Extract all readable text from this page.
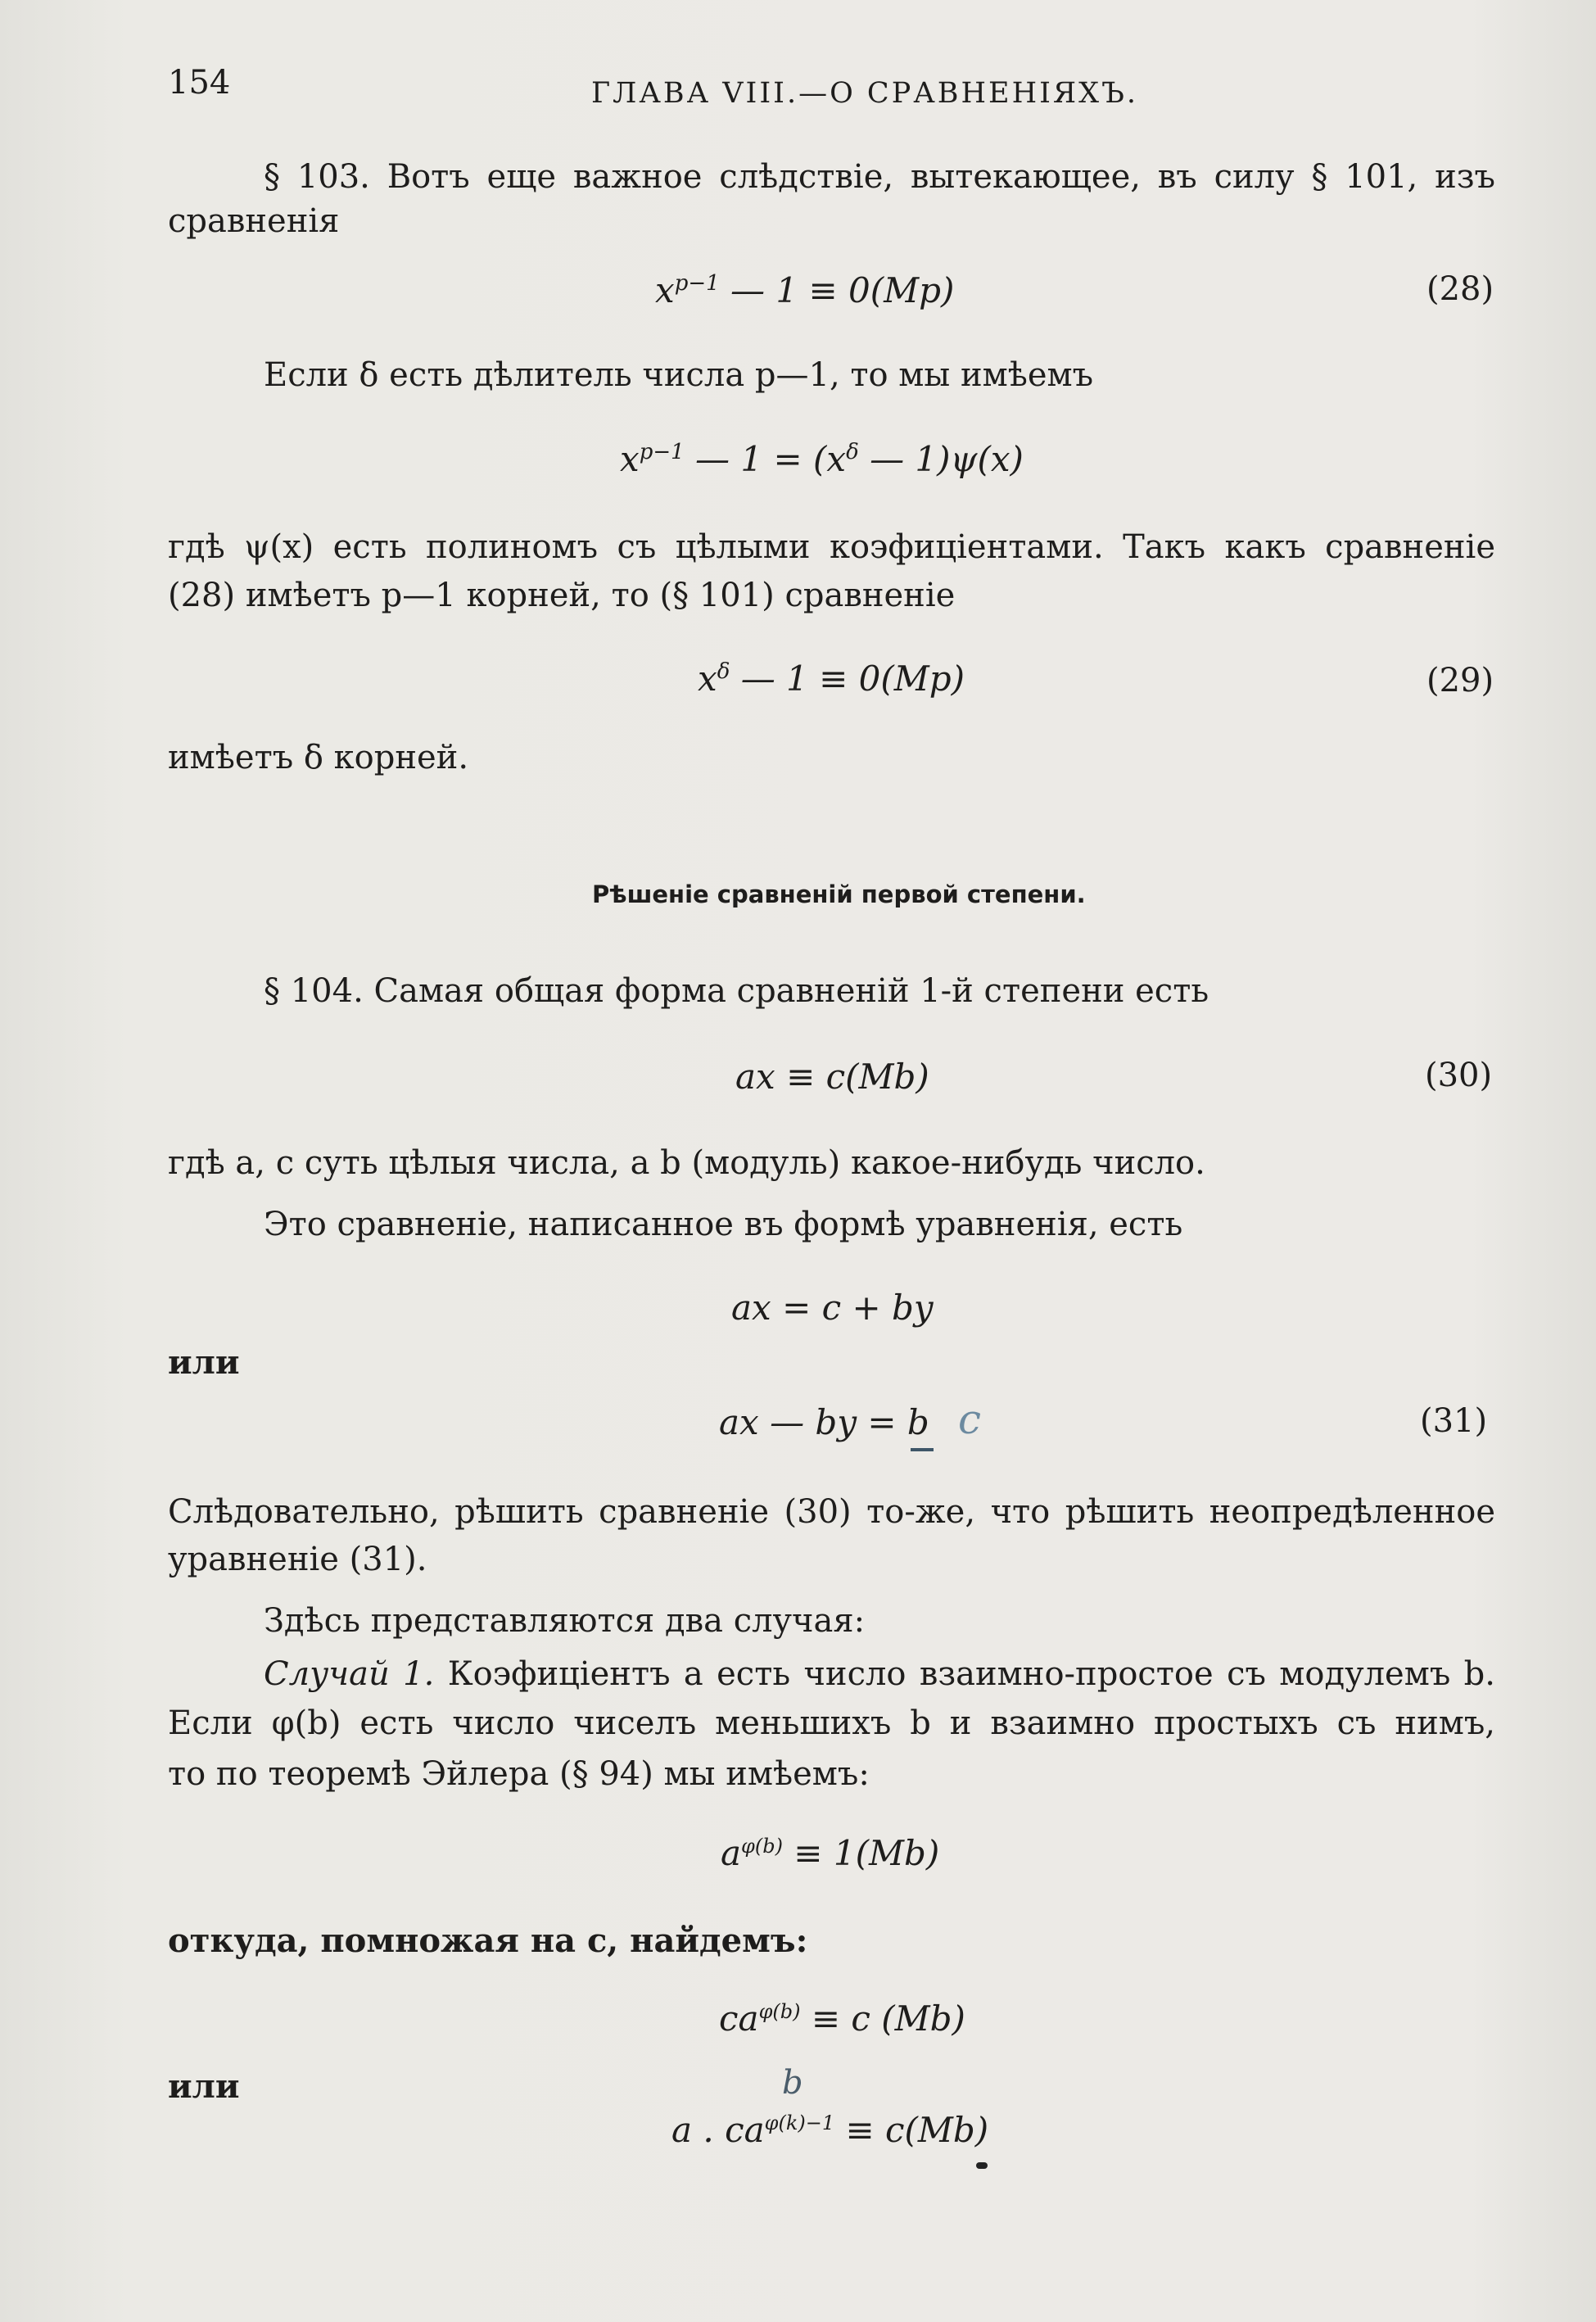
154	ГЛАВА VIII.—О СРАВНЕНІЯХЪ.
§ 103. Вотъ еще важное слѣдствіе, вытекающее, въ силу § 101, изъ
сравненія
$x^{p-1}$ — 1 ≡ 0(Mp)	(28)
Если δ есть дѣлитель числа p—1, то мы имѣемъ
$x^{p-1}$ — $1 = (x^\delta$ — 1)ψ(x)
гдѣ ψ(x) есть полиномъ съ цѣлыми коэфиціентами. Такъ какъ сравненіе
(28) имѣетъ p—1 корней, то (§ 101) сравненіе
$x^\delta$ — 1 ≡ 0(Mp)	(29)
имѣетъ δ корней.
Рѣшеніе сравненій первой степени.
§ 104. Самая общая форма сравненій 1-й степени есть
ax ≡ c(Mb)	(30)
гдѣ a, c суть цѣлыя числа, а b (модуль) какое-нибудь число.
Это сравненіе, написанное въ формѣ уравненія, есть
ax = c + by
или
ax — by = b c	(31)
Слѣдовательно, рѣшить сравненіе (30) то-же, что рѣшить неопредѣленное
уравненіе (31).
Здѣсь представляются два случая:
Случай 1. Коэфиціентъ a есть число взаимно-простое съ модулемъ b.
Если φ(b) есть число чиселъ меньшихъ b и взаимно простыхъ съ нимъ,
то по теоремѣ Эйлера (§ 94) мы имѣемъ:
$a^{\varphi(b)} \equiv 1(Mb)$
откуда, помножая на c, найдемъ:
$ca^{\varphi(b)} \equiv c$ (Mb)
или	b
a . $ca^{\varphi(k)-1} \equiv c(Mb)$
